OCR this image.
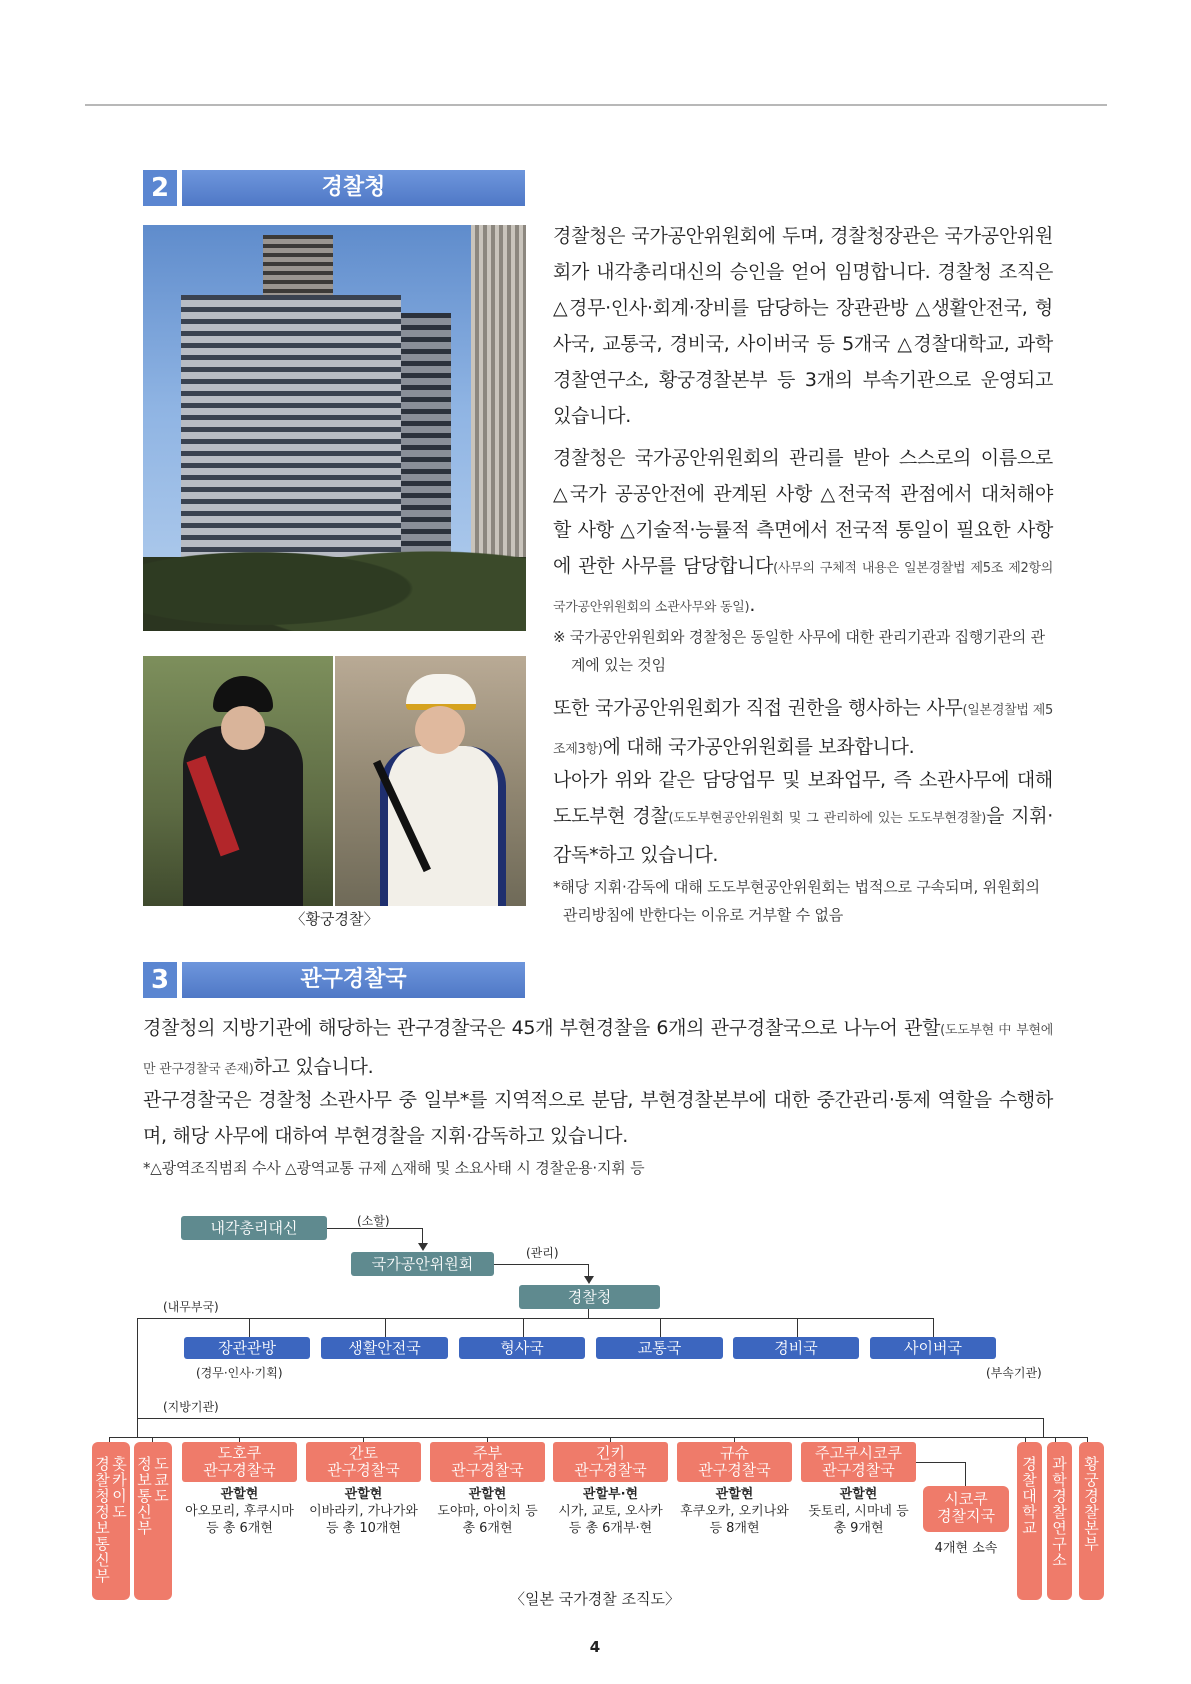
2	경찰청
〈황궁경찰〉
경찰청은 국가공안위원회에 두며, 경찰청장관은 국가공안위원회가 내각총리대신의 승인을 얻어 임명합니다. 경찰청 조직은 △경무·인사·회계·장비를 담당하는 장관관방 △생활안전국, 형사국, 교통국, 경비국, 사이버국 등 5개국 △경찰대학교, 과학경찰연구소, 황궁경찰본부 등 3개의 부속기관으로 운영되고 있습니다.
경찰청은 국가공안위원회의 관리를 받아 스스로의 이름으로 △국가 공공안전에 관계된 사항 △전국적 관점에서 대처해야 할 사항 △기술적·능률적 측면에서 전국적 통일이 필요한 사항에 관한 사무를 담당합니다(사무의 구체적 내용은 일본경찰법 제5조 제2항의 국가공안위원회의 소관사무와 동일).
※ 국가공안위원회와 경찰청은 동일한 사무에 대한 관리기관과 집행기관의 관계에 있는 것임
또한 국가공안위원회가 직접 권한을 행사하는 사무(일본경찰법 제5조제3항)에 대해 국가공안위원회를 보좌합니다.
나아가 위와 같은 담당업무 및 보좌업무, 즉 소관사무에 대해 도도부현 경찰(도도부현공안위원회 및 그 관리하에 있는 도도부현경찰)을 지휘·감독*하고 있습니다.
*해당 지휘·감독에 대해 도도부현공안위원회는 법적으로 구속되며, 위원회의 관리방침에 반한다는 이유로 거부할 수 없음
3	관구경찰국
경찰청의 지방기관에 해당하는 관구경찰국은 45개 부현경찰을 6개의 관구경찰국으로 나누어 관할(도도부현 中 부현에만 관구경찰국 존재)하고 있습니다.
관구경찰국은 경찰청 소관사무 중 일부*를 지역적으로 분담, 부현경찰본부에 대한 중간관리·통제 역할을 수행하며, 해당 사무에 대하여 부현경찰을 지휘·감독하고 있습니다.
*△광역조직범죄 수사 △광역교통 규제 △재해 및 소요사태 시 경찰운용·지휘 등
내각총리대신	(소할)
국가공안위원회
(관리)
경찰청
(내무부국)
장관관방	생활안전국	형사국	교통국	경비국	사이버국
(경무·인사·기획)	(부속기관)
(지방기관)
경찰청정보통신부홋카이도
정보통신부도쿄도
도호쿠
관구경찰국
관할현
아오모리, 후쿠시마
등 총 6개현
간토
관구경찰국
관할현
이바라키, 가나가와
등 총 10개현
주부
관구경찰국
관할현
도야마, 아이치 등
총 6개현
긴키
관구경찰국
관할부·현
시가, 교토, 오사카
등 총 6개부·현
규슈
관구경찰국
관할현
후쿠오카, 오키나와
등 8개현
주고쿠시코쿠
관구경찰국
관할현
돗토리, 시마네 등
총 9개현
시코쿠
경찰지국
4개현 소속
경찰대학교
과학경찰연구소
황궁경찰본부
〈일본 국가경찰 조직도〉
4
